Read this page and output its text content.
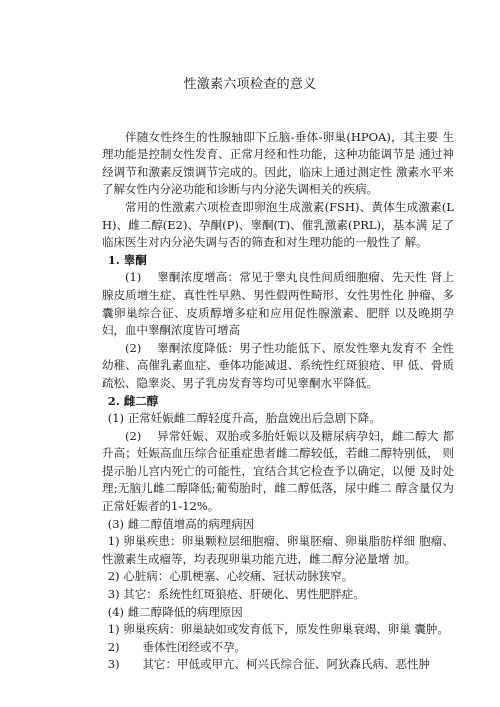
性激素六项检查的意义

伴随女性终生的性腺轴即下丘脑-垂体-卵巢(HPOA)，其主要 生理功能是控制女性发育、正常月经和性功能，这种功能调节是 通过神经调节和激素反馈调节完成的。因此，临床上通过测定性 激素水平来了解女性内分泌功能和诊断与内分泌失调相关的疾病。

常用的性激素六项检查即卵泡生成激素(FSH)、黄体生成激素(LH)、雌二醇(E2)、孕酮(P)、睾酮(T)、催乳激素(PRL)，基本满 足了临床医生对内分泌失调与否的筛查和对生理功能的一般性了 解。

1. 睾酮

(1)　 睾酮浓度增高：常见于睾丸良性间质细胞瘤、先天性 肾上腺皮质增生症、真性性早熟、男性假两性畸形、女性男性化 肿瘤、多囊卵巢综合征、皮质醇增多症和应用促性腺激素、肥胖 以及晚期孕妇，血中睾酮浓度皆可增高

(2)　 睾酮浓度降低：男子性功能低下、原发性睾丸发育不 全性幼稚、高催乳素血症、垂体功能减退、系统性红斑狼疮、甲 低、骨质疏松、隐睾炎、男子乳房发育等均可见睾酮水平降低。

2. 雌二醇

(1) 正常妊娠雌二醇轻度升高，胎盘娩出后急剧下降。

(2)　 异常妊娠、双胎或多胎妊娠以及糖尿病孕妇，雌二醇大 都升高；妊娠高血压综合征重症患者雌二醇较低，若雌二醇特别低， 则提示胎儿宫内死亡的可能性，宜结合其它检查予以确定，以便 及时处理;无脑儿雌二醇降低;葡萄胎时，雌二醇低落，尿中雌二 醇含量仅为正常妊娠者的1-12%。

(3) 雌二醇值增高的病理病因

1) 卵巢疾患：卵巢颗粒层细胞瘤、卵巢胚瘤、卵巢脂肪样细 胞瘤、性激素生成瘤等，均表现卵巢功能亢进，雌二醇分泌量增 加。

2) 心脏病：心肌梗塞、心绞痛、冠状动脉狭窄。

3) 其它：系统性红斑狼疮、肝硬化、男性肥胖症。

(4) 雌二醇降低的病理原因

1) 卵巢疾病：卵巢缺如或发育低下，原发性卵巢衰竭、卵巢 囊肿。

2)　　垂体性闭经或不孕。

3)　　其它：甲低或甲亢、柯兴氏综合征、阿狄森氏病、恶性肿
